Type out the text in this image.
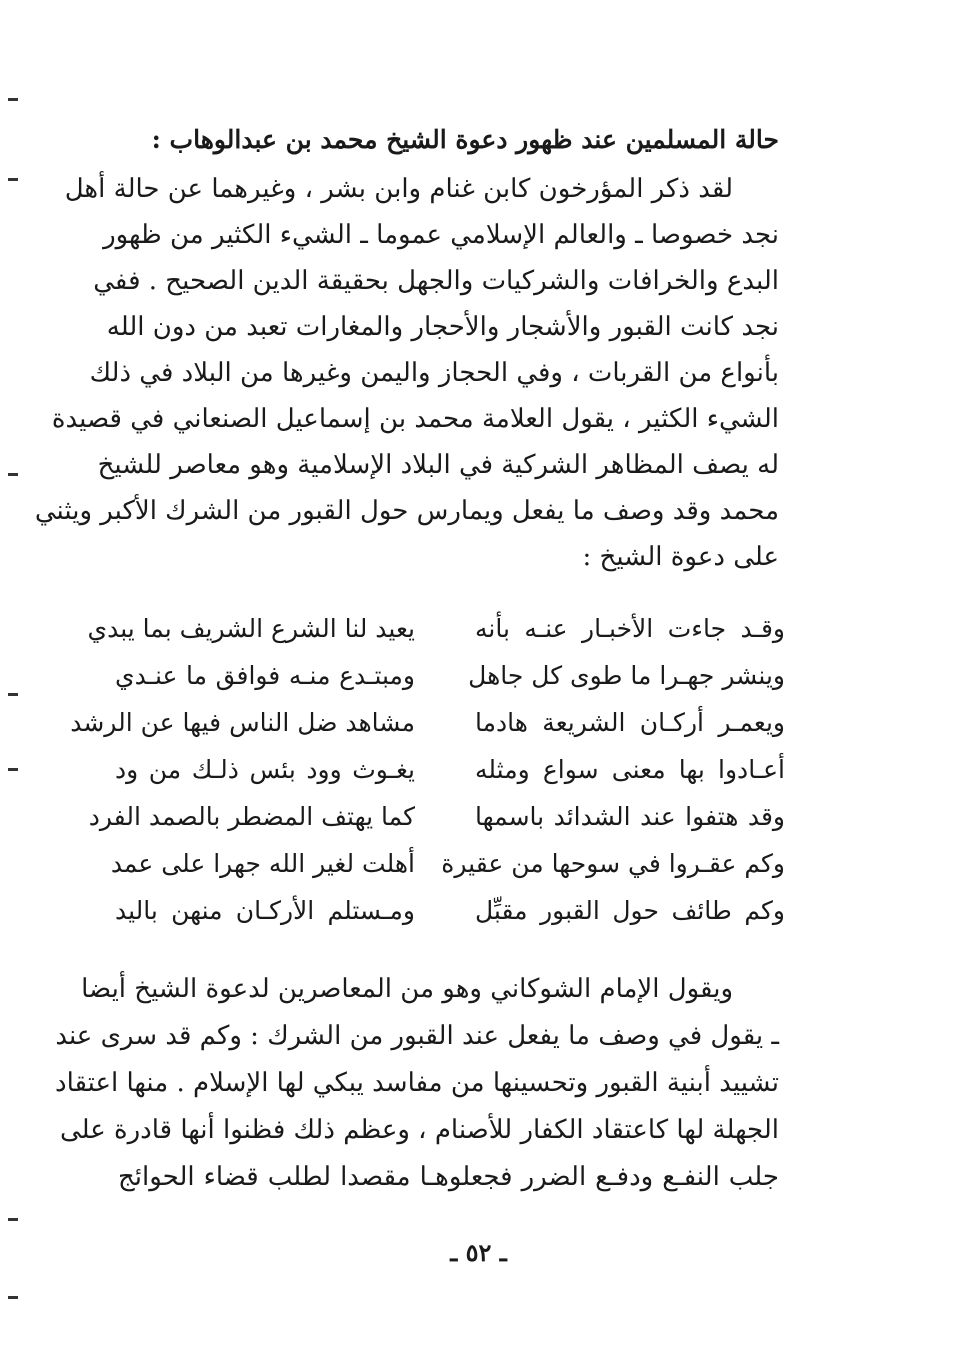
حالة المسلمين عند ظهور دعوة الشيخ محمد بن عبدالوهاب :
لقد ذكر المؤرخون كابن غنام وابن بشر ، وغيرهما عن حالة أهل
نجد خصوصا ـ والعالم الإسلامي عموما ـ الشيء الكثير من ظهور
البدع والخرافات والشركيات والجهل بحقيقة الدين الصحيح . ففي
نجد كانت القبور والأشجار والأحجار والمغارات تعبد من دون الله
بأنواع من القربات ، وفي الحجاز واليمن وغيرها من البلاد في ذلك
الشيء الكثير ، يقول العلامة محمد بن إسماعيل الصنعاني في قصيدة
له يصف المظاهر الشركية في البلاد الإسلامية وهو معاصر للشيخ
محمد وقد وصف ما يفعل ويمارس حول القبور من الشرك الأكبر ويثني
على دعوة الشيخ :
وقـد جاءت الأخبـار عنـه بأنه
يعيد لنا الشرع الشريف بما يبدي
وينشر جهـرا ما طوى كل جاهل
ومبتـدع منـه فوافق ما عنـدي
ويعمـر أركـان الشريعة هادما
مشاهد ضل الناس فيها عن الرشد
أعـادوا بها معنى سواع ومثله
يغـوث وود بئس ذلـك من ود
وقد هتفوا عند الشدائد باسمها
كما يهتف المضطر بالصمد الفرد
وكم عقـروا في سوحها من عقيرة
أهلت لغير الله جهرا على عمد
وكم طائف حول القبور مقبِّل
ومـستلم الأركـان منهن باليد
ويقول الإمام الشوكاني وهو من المعاصرين لدعوة الشيخ أيضا
ـ يقول في وصف ما يفعل عند القبور من الشرك : وكم قد سرى عند
تشييد أبنية القبور وتحسينها من مفاسد يبكي لها الإسلام . منها اعتقاد
الجهلة لها كاعتقاد الكفار للأصنام ، وعظم ذلك فظنوا أنها قادرة على
جلب النفـع ودفـع الضرر فجعلوهـا مقصدا لطلب قضاء الحوائج
ـ ٥٢ ـ
